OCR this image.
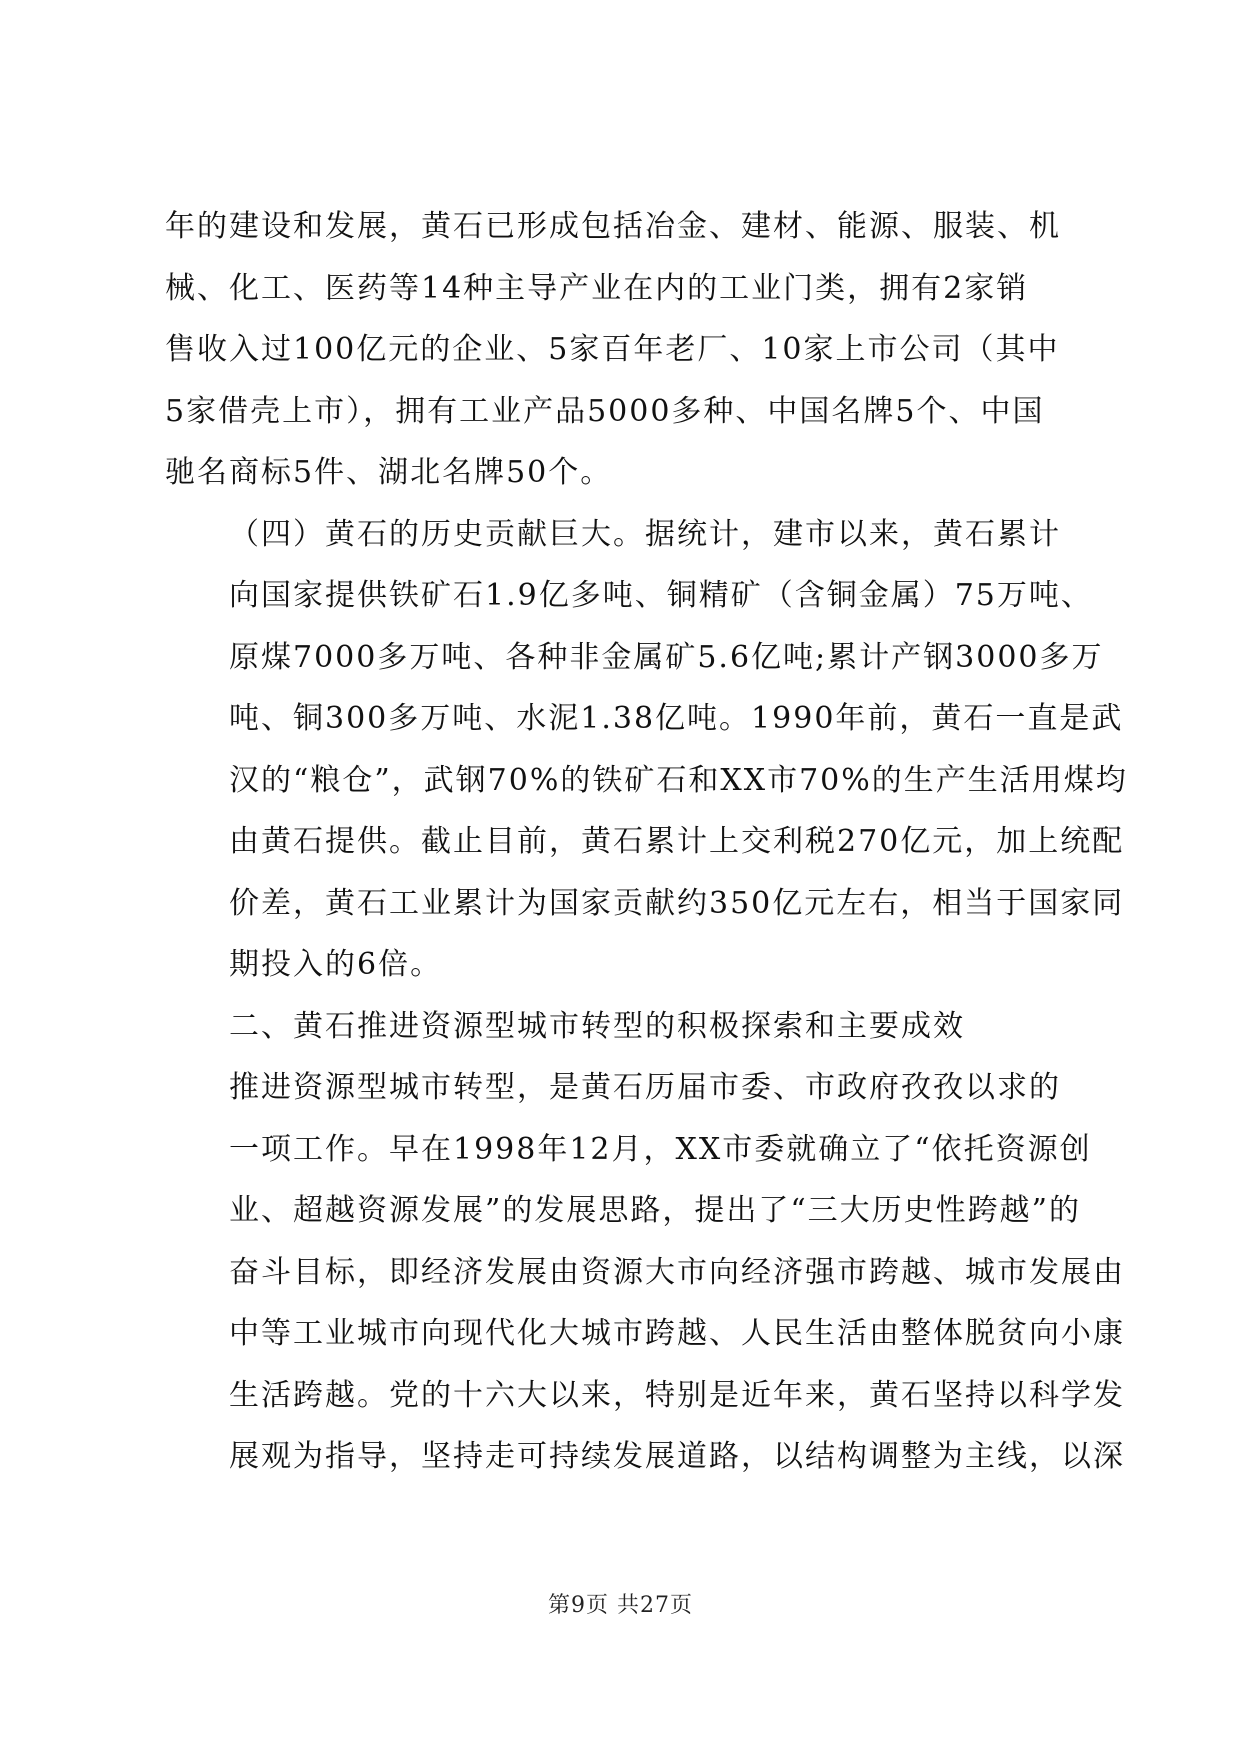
年的建设和发展，黄石已形成包括冶金、建材、能源、服装、机
械、化工、医药等14种主导产业在内的工业门类，拥有2家销
售收入过100亿元的企业、5家百年老厂、10家上市公司（其中
5家借壳上市），拥有工业产品5000多种、中国名牌5个、中国
驰名商标5件、湖北名牌50个。

（四）黄石的历史贡献巨大。据统计，建市以来，黄石累计
向国家提供铁矿石1.9亿多吨、铜精矿（含铜金属）75万吨、
原煤7000多万吨、各种非金属矿5.6亿吨;累计产钢3000多万
吨、铜300多万吨、水泥1.38亿吨。1990年前，黄石一直是武
汉的“粮仓”，武钢70%的铁矿石和XX市70%的生产生活用煤均
由黄石提供。截止目前，黄石累计上交利税270亿元，加上统配
价差，黄石工业累计为国家贡献约350亿元左右，相当于国家同
期投入的6倍。

二、黄石推进资源型城市转型的积极探索和主要成效

推进资源型城市转型，是黄石历届市委、市政府孜孜以求的
一项工作。早在1998年12月，XX市委就确立了“依托资源创
业、超越资源发展”的发展思路，提出了“三大历史性跨越”的
奋斗目标，即经济发展由资源大市向经济强市跨越、城市发展由
中等工业城市向现代化大城市跨越、人民生活由整体脱贫向小康
生活跨越。党的十六大以来，特别是近年来，黄石坚持以科学发
展观为指导，坚持走可持续发展道路，以结构调整为主线，以深

第9页 共27页
